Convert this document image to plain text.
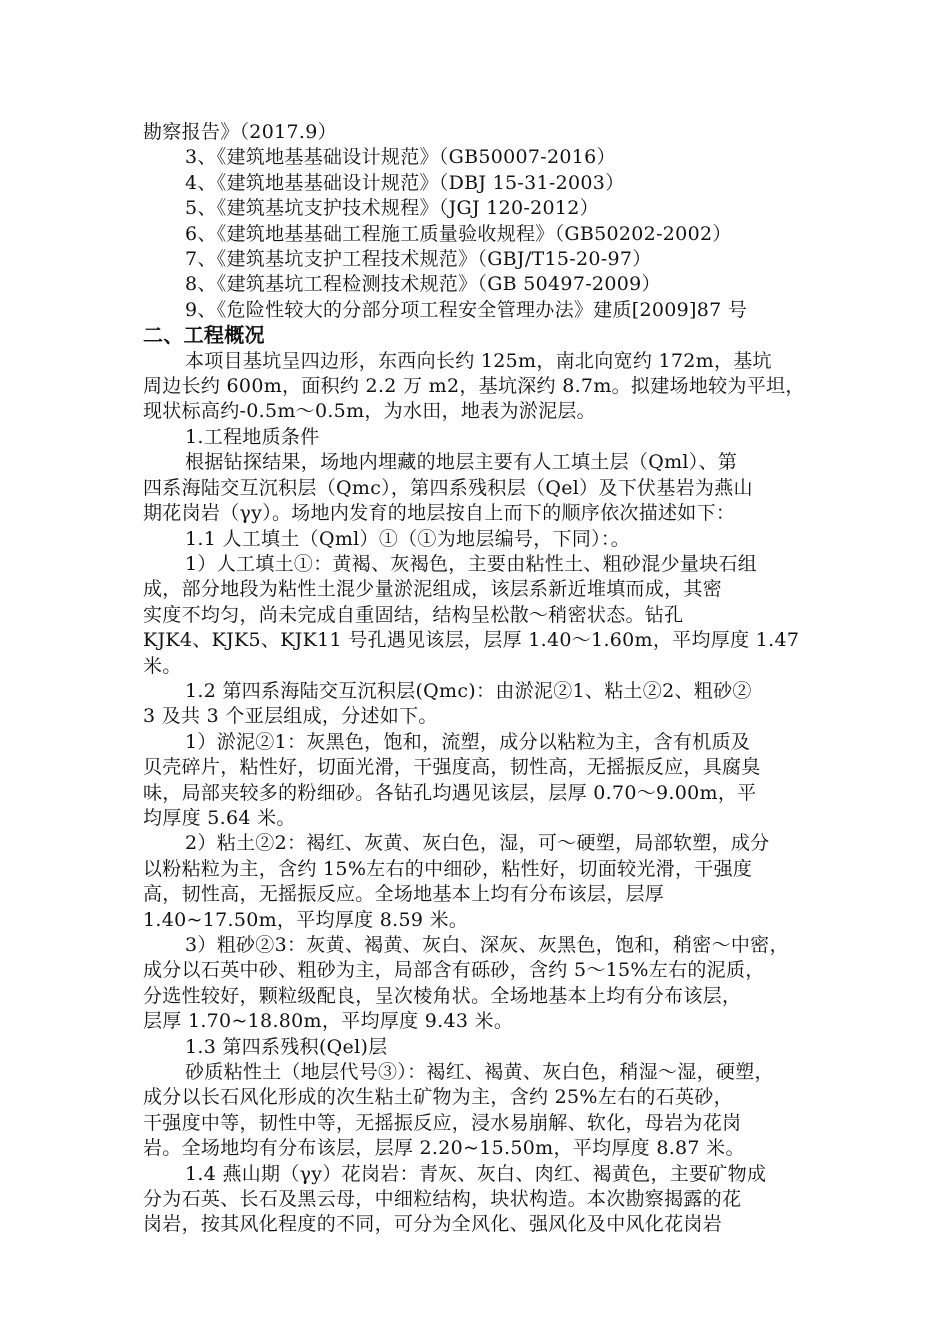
勘察报告》（2017.9）
3、《建筑地基基础设计规范》（GB50007-2016）
4、《建筑地基基础设计规范》（DBJ 15-31-2003）
5、《建筑基坑支护技术规程》（JGJ 120-2012）
6、《建筑地基基础工程施工质量验收规程》（GB50202-2002）
7、《建筑基坑支护工程技术规范》（GBJ/T15-20-97）
8、《建筑基坑工程检测技术规范》（GB 50497-2009）
9、《危险性较大的分部分项工程安全管理办法》建质[2009]87 号
二、工程概况
本项目基坑呈四边形，东西向长约 125m，南北向宽约 172m，基坑
周边长约 600m，面积约 2.2 万 m2，基坑深约 8.7m。拟建场地较为平坦，
现状标高约-0.5m～0.5m，为水田，地表为淤泥层。
1.工程地质条件
根据钻探结果，场地内埋藏的地层主要有人工填土层（Qml）、第
四系海陆交互沉积层（Qmc），第四系残积层（Qel）及下伏基岩为燕山
期花岗岩（γy）。场地内发育的地层按自上而下的顺序依次描述如下：
1.1 人工填土（Qml）①（①为地层编号，下同）：。
1）人工填土①：黄褐、灰褐色，主要由粘性土、粗砂混少量块石组
成，部分地段为粘性土混少量淤泥组成，该层系新近堆填而成，其密
实度不均匀，尚未完成自重固结，结构呈松散～稍密状态。钻孔
KJK4、KJK5、KJK11 号孔遇见该层，层厚 1.40～1.60m，平均厚度 1.47
米。
1.2 第四系海陆交互沉积层(Qmc)：由淤泥②1、粘土②2、粗砂②
3 及共 3 个亚层组成，分述如下。
1）淤泥②1：灰黑色，饱和，流塑，成分以粘粒为主，含有机质及
贝壳碎片，粘性好，切面光滑，干强度高，韧性高，无摇振反应，具腐臭
味，局部夹较多的粉细砂。各钻孔均遇见该层，层厚 0.70～9.00m，平
均厚度 5.64 米。
2）粘土②2：褐红、灰黄、灰白色，湿，可～硬塑，局部软塑，成分
以粉粘粒为主，含约 15%左右的中细砂，粘性好，切面较光滑，干强度
高，韧性高，无摇振反应。全场地基本上均有分布该层，层厚
1.40~17.50m，平均厚度 8.59 米。
3）粗砂②3：灰黄、褐黄、灰白、深灰、灰黑色，饱和，稍密～中密，
成分以石英中砂、粗砂为主，局部含有砾砂，含约 5～15%左右的泥质，
分选性较好，颗粒级配良，呈次棱角状。全场地基本上均有分布该层，
层厚 1.70~18.80m，平均厚度 9.43 米。
1.3 第四系残积(Qel)层
砂质粘性土（地层代号③）：褐红、褐黄、灰白色，稍湿～湿，硬塑，
成分以长石风化形成的次生粘土矿物为主，含约 25%左右的石英砂，
干强度中等，韧性中等，无摇振反应，浸水易崩解、软化，母岩为花岗
岩。全场地均有分布该层，层厚 2.20~15.50m，平均厚度 8.87 米。
1.4 燕山期（γy）花岗岩：青灰、灰白、肉红、褐黄色，主要矿物成
分为石英、长石及黑云母，中细粒结构，块状构造。本次勘察揭露的花
岗岩，按其风化程度的不同，可分为全风化、强风化及中风化花岗岩
